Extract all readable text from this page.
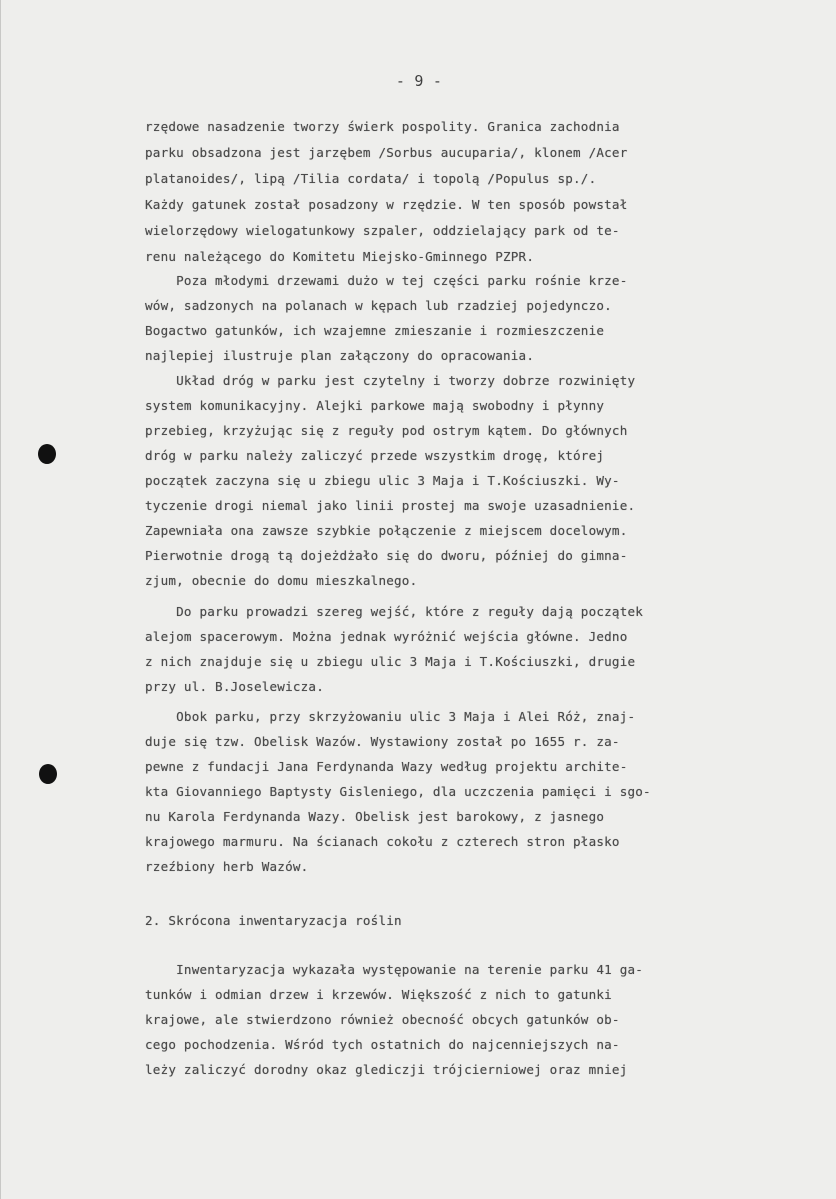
- 9 -
rzędowe nasadzenie tworzy świerk pospolity. Granica zachodnia
parku obsadzona jest jarzębem /Sorbus aucuparia/, klonem /Acer
platanoides/, lipą /Tilia cordata/ i topolą /Populus sp./.
Każdy gatunek został posadzony w rzędzie. W ten sposób powstał
wielorzędowy wielogatunkowy szpaler, oddzielający park od te-
renu należącego do Komitetu Miejsko-Gminnego PZPR.
Poza młodymi drzewami dużo w tej części parku rośnie krze-
wów, sadzonych na polanach w kępach lub rzadziej pojedynczo.
Bogactwo gatunków, ich wzajemne zmieszanie i rozmieszczenie
najlepiej ilustruje plan załączony do opracowania.
Układ dróg w parku jest czytelny i tworzy dobrze rozwinięty
system komunikacyjny. Alejki parkowe mają swobodny i płynny
przebieg, krzyżując się z reguły pod ostrym kątem. Do głównych
dróg w parku należy zaliczyć przede wszystkim drogę, której
początek zaczyna się u zbiegu ulic 3 Maja i T.Kościuszki. Wy-
tyczenie drogi niemal jako linii prostej ma swoje uzasadnienie.
Zapewniała ona zawsze szybkie połączenie z miejscem docelowym.
Pierwotnie drogą tą dojeżdżało się do dworu, później do gimna-
zjum, obecnie do domu mieszkalnego.
Do parku prowadzi szereg wejść, które z reguły dają początek
alejom spacerowym. Można jednak wyróżnić wejścia główne. Jedno
z nich znajduje się u zbiegu ulic 3 Maja i T.Kościuszki, drugie
przy ul. B.Joselewicza.
Obok parku, przy skrzyżowaniu ulic 3 Maja i Alei Róż, znaj-
duje się tzw. Obelisk Wazów. Wystawiony został po 1655 r. za-
pewne z fundacji Jana Ferdynanda Wazy według projektu archite-
ktа Giovanniego Baptysty Gisleniego, dla uczczenia pamięci i sgo-
nu Karola Ferdynanda Wazy. Obelisk jest barokowy, z jasnego
krajowego marmuru. Na ścianach cokołu z czterech stron płasko
rzeźbiony herb Wazów.
2. Skrócona inwentaryzacja roślin
Inwentaryzacja wykazała występowanie na terenie parku 41 ga-
tunków i odmian drzew i krzewów. Większość z nich to gatunki
krajowe, ale stwierdzono również obecność obcych gatunków ob-
cego pochodzenia. Wśród tych ostatnich do najcenniejszych na-
leży zaliczyć dorodny okaz glediczji trójcierniowej oraz mniej
